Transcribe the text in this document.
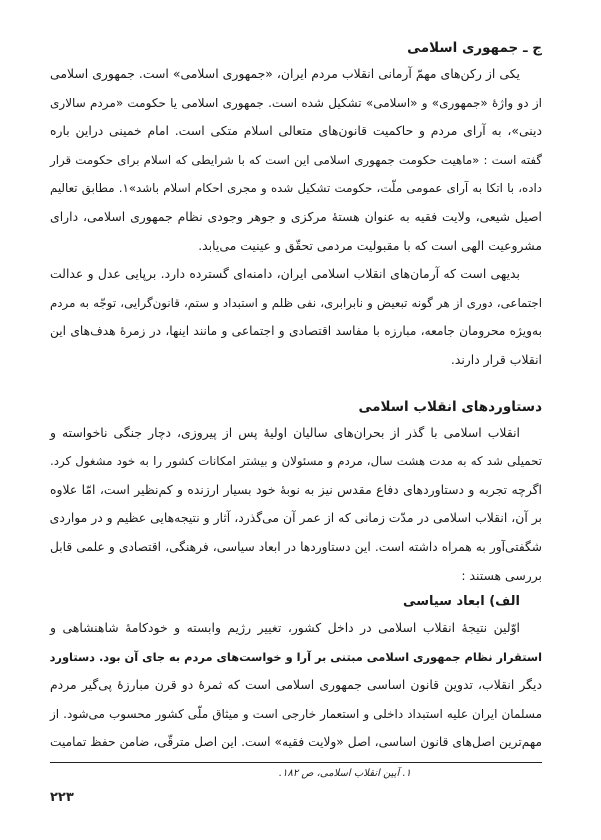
ج ـ جمهوری اسلامی

یکی از رکن‌های مهمّ آرمانی انقلاب مردم ایران، «جمهوری اسلامی» است. جمهوری اسلامی
از دو واژهٔ «جمهوری» و «اسلامی» تشکیل شده است. جمهوری اسلامی یا حکومت «مردم سالاری
دینی»، به آرای مردم و حاکمیت قانون‌های متعالی اسلام متکی است. امام خمینی دراین باره
گفته است : «ماهیت حکومت جمهوری اسلامی این است که با شرایطی که اسلام برای حکومت قرار
داده، با اتکا به آرای عمومی ملّت، حکومت تشکیل شده و مجری احکام اسلام باشد»۱. مطابق تعالیم
اصیل شیعی، ولایت فقیه به عنوان هستهٔ مرکزی و جوهر وجودی نظام جمهوری اسلامی، دارای
مشروعیت الهی است که با مقبولیت مردمی تحقّق و عینیت می‌یابد.

بدیهی است که آرمان‌های انقلاب اسلامی ایران، دامنه‌ای گسترده دارد. برپایی عدل و عدالت
اجتماعی، دوری از هر گونه تبعیض و نابرابری، نفی ظلم و استبداد و ستم، قانون‌گرایی، توجّه به مردم
به‌ویژه محرومان جامعه، مبارزه با مفاسد اقتصادی و اجتماعی و مانند اینها، در زمرهٔ هدف‌های این
انقلاب قرار دارند.

دستاوردهای انقلاب اسلامی

انقلاب اسلامی با گذر از بحران‌های سالیان اولیهٔ پس از پیروزی، دچار جنگی ناخواسته و
تحمیلی شد که به مدت هشت سال، مردم و مسئولان و بیشتر امکانات کشور را به خود مشغول کرد.
اگرچه تجربه و دستاوردهای دفاع مقدس نیز به نوبهٔ خود بسیار ارزنده و کم‌نظیر است، امّا علاوه
بر آن، انقلاب اسلامی در مدّت زمانی که از عمر آن می‌گذرد، آثار و نتیجه‌هایی عظیم و در مواردی
شگفتی‌آور به همراه داشته است. این دستاوردها در ابعاد سیاسی، فرهنگی، اقتصادی و علمی قابل
بررسی هستند :

الف) ابعاد سیاسی

اوّلین نتیجهٔ انقلاب اسلامی در داخل کشور، تغییر رژیم وابسته و خودکامهٔ شاهنشاهی و
استقرار نظام جمهوری اسلامی مبتنی بر آرا و خواست‌های مردم به جای آن بود. دستاورد
دیگر انقلاب، تدوین قانون اساسی جمهوری اسلامی است که ثمرهٔ دو قرن مبارزهٔ پی‌گیر مردم
مسلمان ایران علیه استبداد داخلی و استعمار خارجی است و میثاق ملّی کشور محسوب می‌شود. از
مهم‌ترین اصل‌های قانون اساسی، اصل «ولایت فقیه» است. این اصل مترقّی، ضامن حفظ تمامیت

۱. آیین انقلاب اسلامی، ص ۱۸۲.
۲۲۳
